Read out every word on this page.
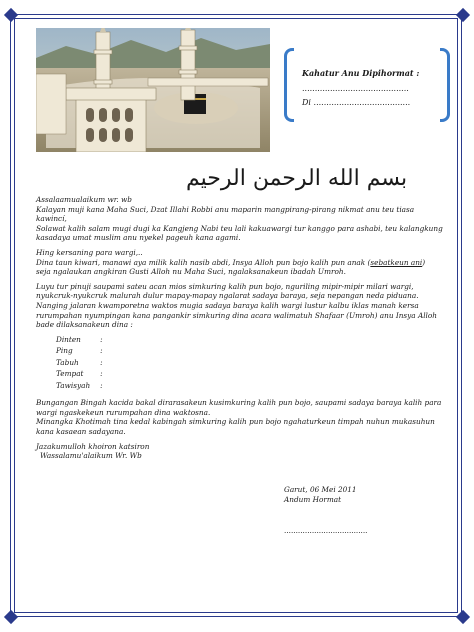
Kahatur Anu Dipihormat :

..........................................

Di ......................................

بسم الله الرحمن الرحيم

Assalaamualaikum wr. wb
Kalayan muji kana Maha Suci, Dzat Illahi Robbi anu maparin mangpirang-pirang nikmat anu teu tiasa kawincí,
Solawat kalih salam mugi dugi ka Kangjeng Nabi teu lali kakuawargi tur kanggo para ashabi, teu kalangkung kasadaya umat muslim anu nyekel pageuh kana agami.

Hing kersaning para wargi,..
Dina taun kiwari, manawi aya milik kalih nasib abdi, Insya Alloh pun bojo kalih pun anak (sebatkeun ani)
seja ngalaukan angkiran Gusti Alloh nu Maha Suci, ngalaksanakeun ibadah Umroh.

Luyu tur pinuji saupami sateu acan mios simkuring kalih pun bojo, nguriling mipir-mipir milari wargi, nyukcruk-nyukcruk malurah dulur mapay-mapay ngalarat sadaya baraya, seja nepangan neda piduana. Nanging jalaran kwamporetna waktos mugia sadaya baraya kalih wargi lustur kalbu iklas manah kersa rurumpahan nyumpingan kana pangankir simkuring dina acara walimatuh Shafaar (Umroh) anu Insya Alloh bade dilaksanakeun dina :

Dinten	:
Ping	:
Tabuh	:
Tempat	:
Tawisyah	:

Bungangan Bingah kacida bakal dirarasakeun kusimkuring kalih pun bojo, saupami sadaya baraya kalih para wargi ngaskekeun rurumpahan dina waktosna.
Minangka Khotimah tina kedal kabingah simkuring kalih pun bojo ngahaturkeun timpah nuhun mukasuhun kana kasaean sadayana.

Jazakumulloh khoiron katsiron
Wassalamu'alaikum Wr. Wb

Garut, 06 Mei 2011
Andum Hormat
....................................
